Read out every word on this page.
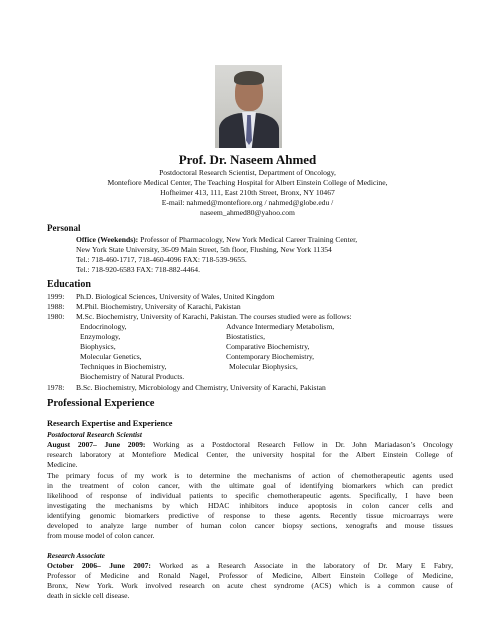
Prof. Dr. Naseem Ahmed
Postdoctoral Research Scientist, Department of Oncology,
Montefiore Medical Center, The Teaching Hospital for Albert Einstein College of Medicine,
Hofheimer 413, 111, East 210th Street, Bronx, NY 10467
E-mail: nahmed@montefiore.org / nahmed@globe.edu /
naseem_ahmed80@yahoo.com
Personal
Office (Weekends): Professor of Pharmacology, New York Medical Career Training Center,
New York State University, 36-09 Main Street, 5th floor, Flushing, New York 11354
Tel.: 718-460-1717, 718-460-4096 FAX: 718-539-9655.
Tel.: 718-920-6583 FAX: 718-882-4464.
Education
1999: Ph.D. Biological Sciences, University of Wales, United Kingdom
1988: M.Phil. Biochemistry, University of Karachi, Pakistan
1980: M.Sc. Biochemistry, University of Karachi, Pakistan. The courses studied were as follows:
Endocrinology,
Enzymology,
Biophysics,
Molecular Genetics,
Techniques in Biochemistry,
Biochemistry of Natural Products.
Advance Intermediary Metabolism,
Biostatistics,
Comparative Biochemistry,
Contemporary Biochemistry,
Molecular Biophysics,
1978: B.Sc. Biochemistry, Microbiology and Chemistry, University of Karachi, Pakistan
Professional Experience
Research Expertise and Experience
Postdoctoral Research Scientist
August 2007– June 2009: Working as a Postdoctoral Research Fellow in Dr. John Mariadason’s Oncology
research laboratory at Montefiore Medical Center, the university hospital for the Albert Einstein College of
Medicine.
The primary focus of my work is to determine the mechanisms of action of chemotherapeutic agents used
in the treatment of colon cancer, with the ultimate goal of identifying biomarkers which can predict
likelihood of response of individual patients to specific chemotherapeutic agents. Specifically, I have been
investigating the mechanisms by which HDAC inhibitors induce apoptosis in colon cancer cells and
identifying genomic biomarkers predictive of response to these agents. Recently tissue microarrays were
developed to analyze large number of human colon cancer biopsy sections, xenografts and mouse tissues
from mouse model of colon cancer.
Research Associate
October 2006– June 2007: Worked as a Research Associate in the laboratory of Dr. Mary E Fabry,
Professor of Medicine and Ronald Nagel, Professor of Medicine, Albert Einstein College of Medicine,
Bronx, New York. Work involved research on acute chest syndrome (ACS) which is a common cause of
death in sickle cell disease.
